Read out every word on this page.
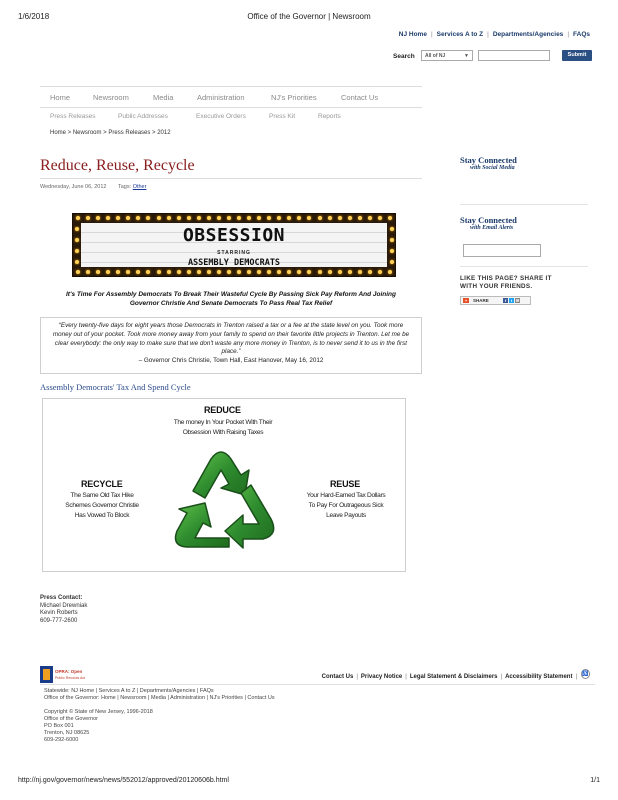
1/6/2018	Office of the Governor | Newsroom
NJ Home | Services A to Z | Departments/Agencies | FAQs
Search	All of NJ	▼	Submit
Home	Newsroom	Media	Administration	NJ's Priorities	Contact Us
Press Releases	Public Addresses	Executive Orders	Press Kit	Reports
Home > Newsroom > Press Releases > 2012
Reduce, Reuse, Recycle
Wednesday, June 06, 2012 Tags: Other
OBSESSION
STARRING
ASSEMBLY DEMOCRATS
It's Time For Assembly Democrats To Break Their Wasteful Cycle By Passing Sick Pay Reform And Joining
Governor Christie And Senate Democrats To Pass Real Tax Relief
“Every twenty-five days for eight years those Democrats in Trenton raised a tax or a fee at the state level on you. Took more money out of your pocket. Took more money away from your family to spend on their favorite little projects in Trenton. Let me be clear everybody: the only way to make sure that we don't waste any more money in Trenton, is to never send it to us in the first place.”
– Governor Chris Christie, Town Hall, East Hanover, May 16, 2012
Assembly Democrats' Tax And Spend Cycle
REDUCE
The money In Your Pocket With Their
Obsession With Raising Taxes
RECYCLE
The Same Old Tax Hike
Schemes Governor Christie
Has Vowed To Block
REUSE
Your Hard-Earned Tax Dollars
To Pay For Outrageous Sick
Leave Payouts
Press Contact:
Michael Drewniak
Kevin Roberts
609-777-2600
Stay Connected
with Social Media
Stay Connected
with Email Alerts
LIKE THIS PAGE? SHARE IT
WITH YOUR FRIENDS.
+	SHARE	f	t ✉
OPRA: Open
Public Records Act	Contact Us | Privacy Notice | Legal Statement & Disclaimers | Accessibility Statement | ♿
Statewide: NJ Home | Services A to Z | Departments/Agencies | FAQs
Office of the Governor: Home | Newsroom | Media | Administration | NJ's Priorities | Contact Us
Copyright © State of New Jersey, 1996-2018
Office of the Governor
PO Box 001
Trenton, NJ 08625
609-292-6000
http://nj.gov/governor/news/news/552012/approved/20120606b.html	1/1
